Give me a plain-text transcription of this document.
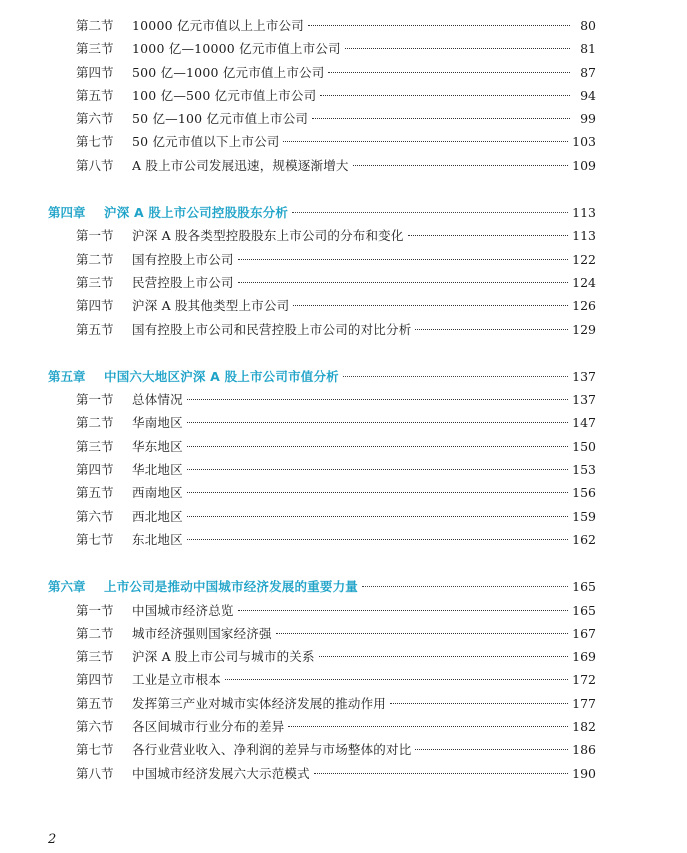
第二节	10000 亿元市值以上上市公司	80
第三节	1000 亿—10000 亿元市值上市公司	81
第四节	500 亿—1000 亿元市值上市公司	87
第五节	100 亿—500 亿元市值上市公司	94
第六节	50 亿—100 亿元市值上市公司	99
第七节	50 亿元市值以下上市公司	103
第八节	A 股上市公司发展迅速，规模逐渐增大	109
第四章	沪深 A 股上市公司控股股东分析	113
第一节	沪深 A 股各类型控股股东上市公司的分布和变化	113
第二节	国有控股上市公司	122
第三节	民营控股上市公司	124
第四节	沪深 A 股其他类型上市公司	126
第五节	国有控股上市公司和民营控股上市公司的对比分析	129
第五章	中国六大地区沪深 A 股上市公司市值分析	137
第一节	总体情况	137
第二节	华南地区	147
第三节	华东地区	150
第四节	华北地区	153
第五节	西南地区	156
第六节	西北地区	159
第七节	东北地区	162
第六章	上市公司是推动中国城市经济发展的重要力量	165
第一节	中国城市经济总览	165
第二节	城市经济强则国家经济强	167
第三节	沪深 A 股上市公司与城市的关系	169
第四节	工业是立市根本	172
第五节	发挥第三产业对城市实体经济发展的推动作用	177
第六节	各区间城市行业分布的差异	182
第七节	各行业营业收入、净利润的差异与市场整体的对比	186
第八节	中国城市经济发展六大示范模式	190
2
